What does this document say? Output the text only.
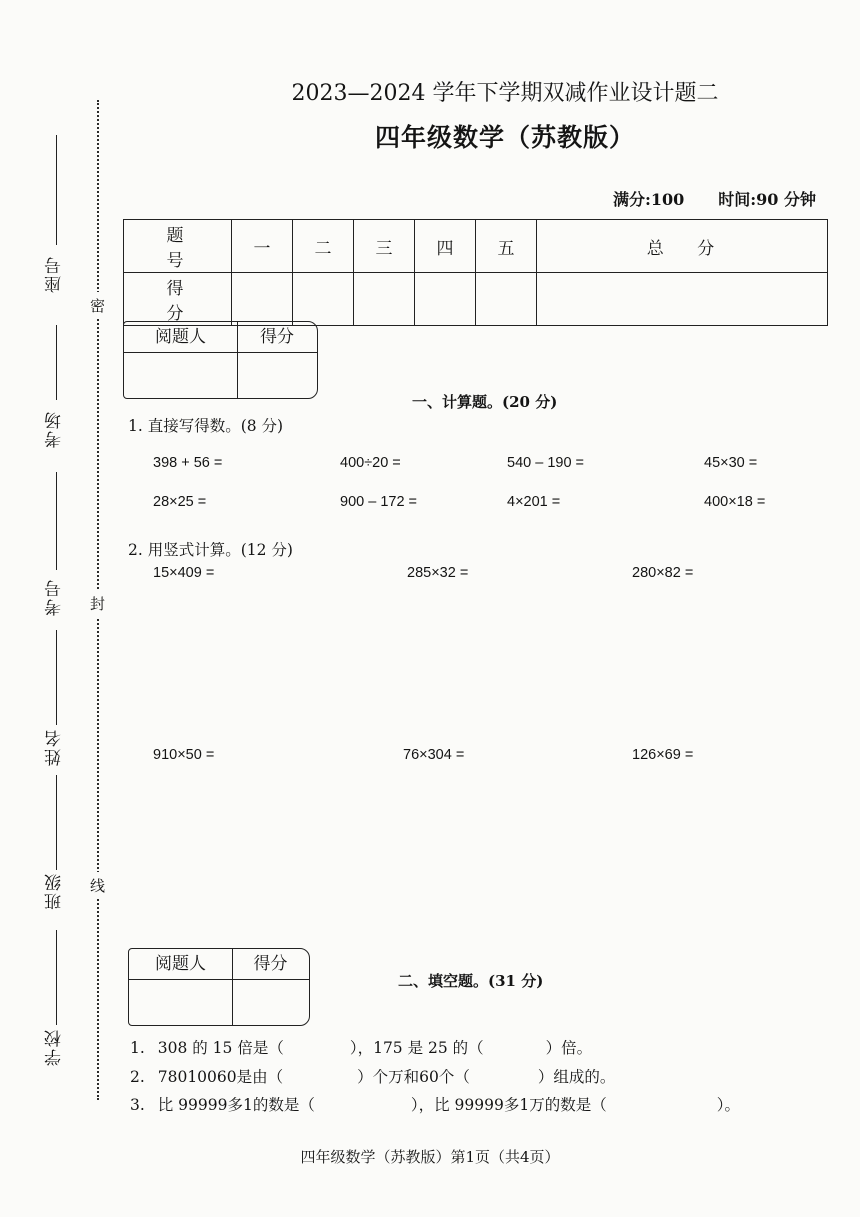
密
封
线
座号
考场
考号
姓名
班级
学校
2023—2024 学年下学期双减作业设计题二
四年级数学（苏教版）
满分:100 时间:90 分钟
题 号	一	二	三	四	五	总 分
得 分						
阅题人	得分
一、计算题。(20 分)
1. 直接写得数。(8 分)
398 + 56 =	400÷20 =	540 – 190 =	45×30 =
28×25 =	900 – 172 =	4×201 =	400×18 =
2. 用竖式计算。(12 分)
15×409 =	285×32 =	280×82 =
910×50 =	76×304 =	126×69 =
阅题人	得分
二、填空题。(31 分)
1. 308 的 15 倍是（	），175 是 25 的（	）倍。
2. 78010060是由（	）个万和60个（	）组成的。
3. 比 99999多1的数是（	），比 99999多1万的数是（	）。
四年级数学（苏教版）第1页（共4页）
